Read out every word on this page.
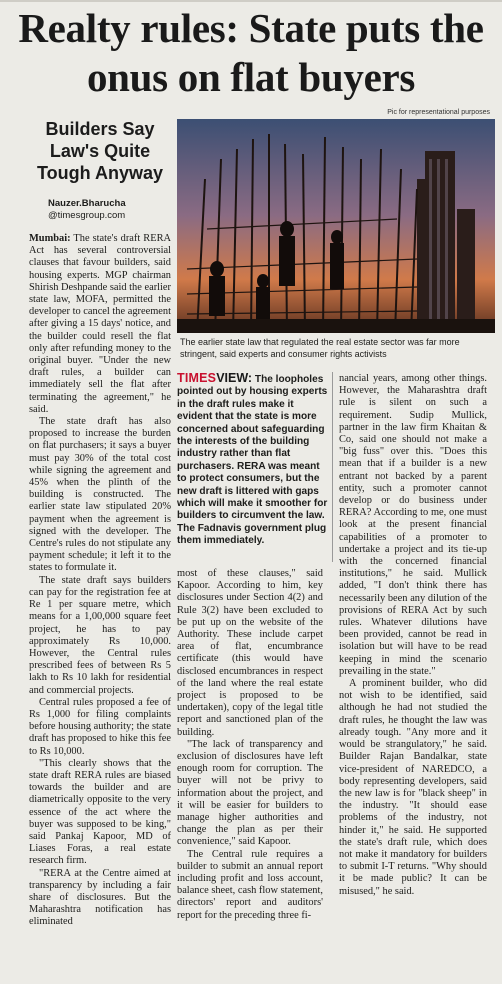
Realty rules: State puts the onus on flat buyers
Builders Say Law's Quite Tough Anyway
Nauzer.Bharucha
@timesgroup.com
Pic for representational purposes

The earlier state law that regulated the real estate sector was far more stringent, said experts and consumer rights activists

Mumbai: The state's draft RERA Act has several controversial clauses that favour builders, said housing experts. MGP chairman Shirish Deshpande said the earlier state law, MOFA, permitted the developer to cancel the agreement after giving a 15 days' notice, and the builder could resell the flat only after refunding money to the original buyer. "Under the new draft rules, a builder can immediately sell the flat after terminating the agreement," he said.

The state draft has also proposed to increase the burden on flat purchasers; it says a buyer must pay 30% of the total cost while signing the agreement and 45% when the plinth of the building is constructed. The earlier state law stipulated 20% payment when the agreement is signed with the developer. The Centre's rules do not stipulate any payment schedule; it left it to the states to formulate it.

The state draft says builders can pay for the registration fee at Re 1 per square metre, which means for a 1,00,000 square feet project, he has to pay approximately Rs 10,000. However, the Central rules prescribed fees of between Rs 5 lakh to Rs 10 lakh for residential and commercial projects.

Central rules proposed a fee of Rs 1,000 for filing complaints before housing authority; the state draft has proposed to hike this fee to Rs 10,000.

"This clearly shows that the state draft RERA rules are biased towards the builder and are diametrically opposite to the very essence of the act where the buyer was supposed to be king," said Pankaj Kapoor, MD of Liases Foras, a real estate research firm.

"RERA at the Centre aimed at transparency by including a fair share of disclosures. But the Maharashtra notification has eliminated

TIMESVIEW: The loopholes pointed out by housing experts in the draft rules make it evident that the state is more concerned about safeguarding the interests of the building industry rather than flat purchasers. RERA was meant to protect consumers, but the new draft is littered with gaps which will make it smoother for builders to circumvent the law. The Fadnavis government plug them immediately.

most of these clauses," said Kapoor. According to him, key disclosures under Section 4(2) and Rule 3(2) have been excluded to be put up on the website of the Authority. These include carpet area of flat, encumbrance certificate (this would have disclosed encumbrances in respect of the land where the real estate project is proposed to be undertaken), copy of the legal title report and sanctioned plan of the building.

"The lack of transparency and exclusion of disclosures have left enough room for corruption. The buyer will not be privy to information about the project, and it will be easier for builders to manage higher authorities and change the plan as per their convenience," said Kapoor.

The Central rule requires a builder to submit an annual report including profit and loss account, balance sheet, cash flow statement, directors' report and auditors' report for the preceding three fi-

nancial years, among other things. However, the Maharashtra draft rule is silent on such a requirement. Sudip Mullick, partner in the law firm Khaitan & Co, said one should not make a "big fuss" over this. "Does this mean that if a builder is a new entrant not backed by a parent entity, such a promoter cannot develop or do business under RERA? According to me, one must look at the present financial capabilities of a promoter to undertake a project and its tie-up with the concerned financial institutions," he said. Mullick added, "I don't think there has necessarily been any dilution of the provisions of RERA Act by such rules. Whatever dilutions have been provided, cannot be read in isolation but will have to be read keeping in mind the scenario prevailing in the state."

A prominent builder, who did not wish to be identified, said although he had not studied the draft rules, he thought the law was already tough. "Any more and it would be strangulatory," he said. Builder Rajan Bandalkar, state vice-president of NAREDCO, a body representing developers, said the new law is for "black sheep" in the industry. "It should ease problems of the industry, not hinder it," he said. He supported the state's draft rule, which does not make it mandatory for builders to submit I-T returns. "Why should it be made public? It can be misused," he said.
